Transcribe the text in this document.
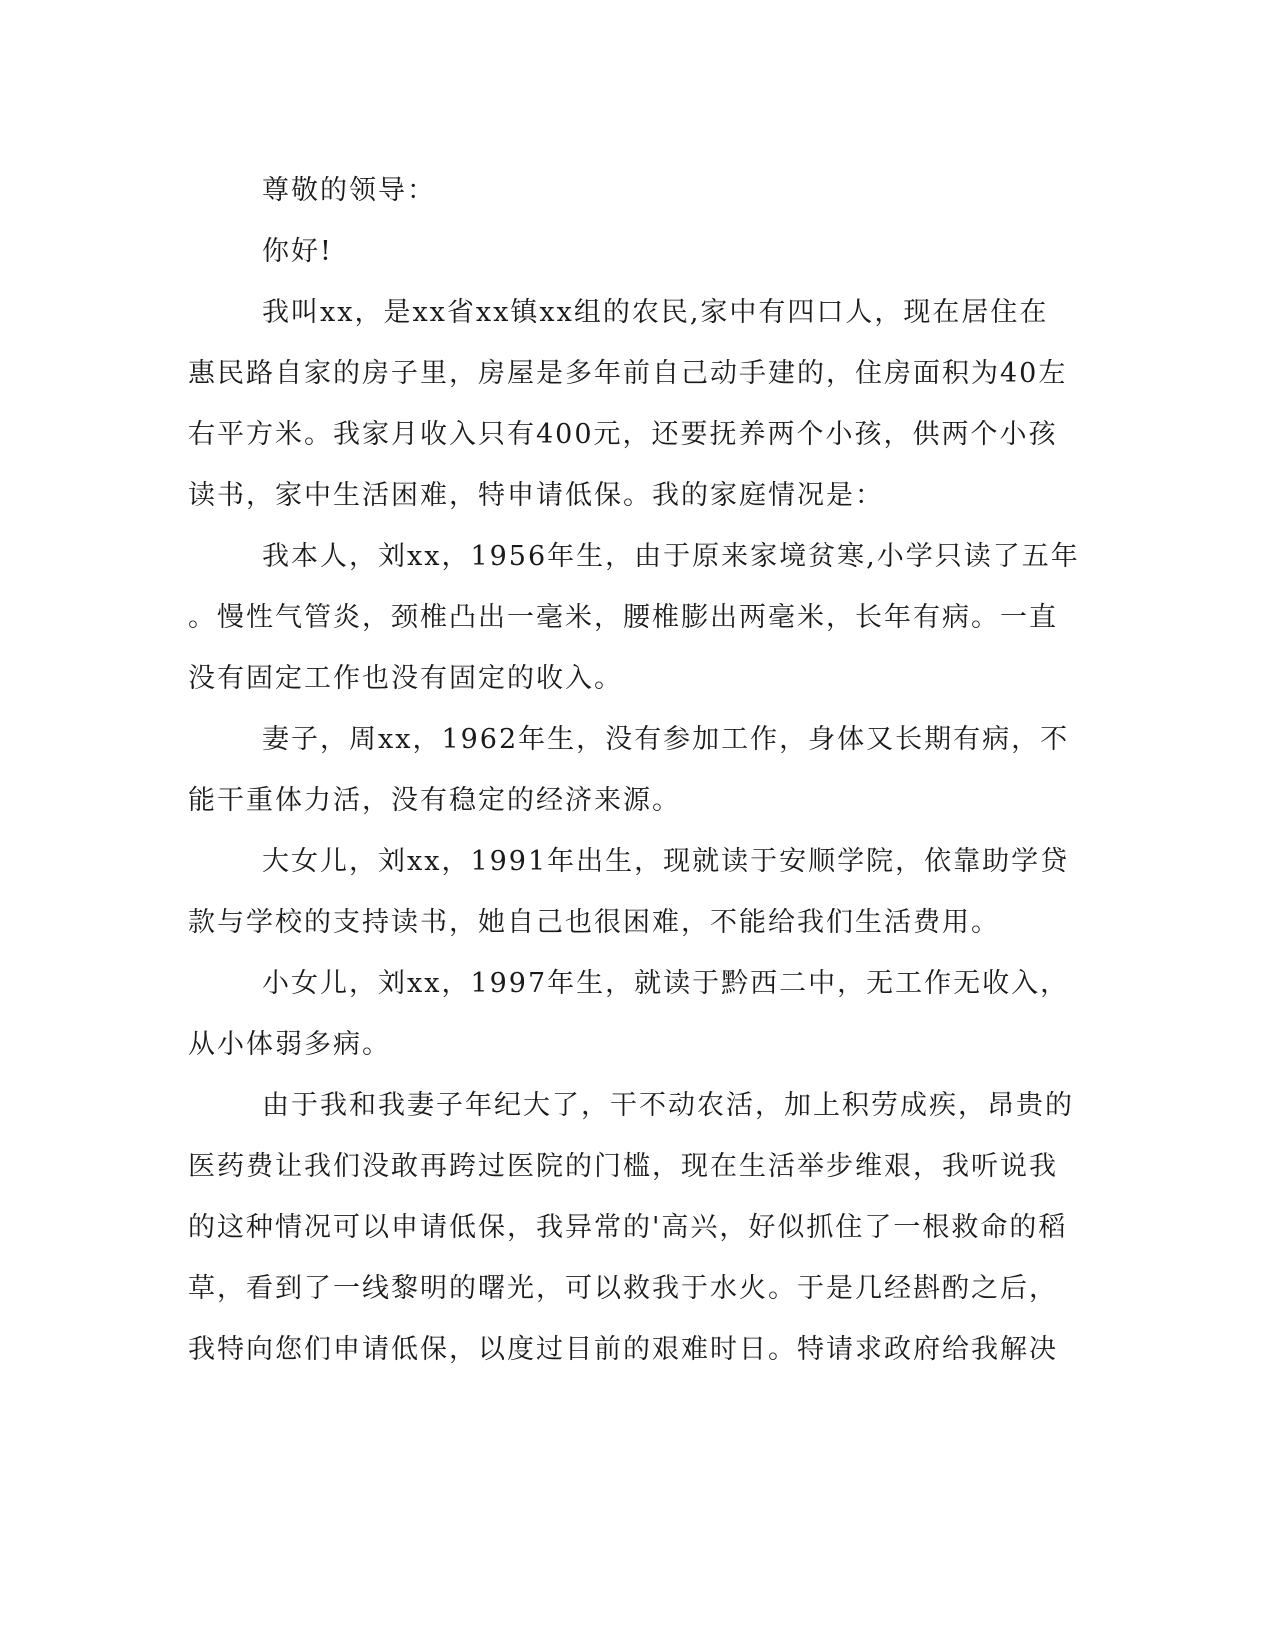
尊敬的领导：
你好!
我叫xx，是xx省xx镇xx组的农民,家中有四口人，现在居住在
惠民路自家的房子里，房屋是多年前自己动手建的，住房面积为40左
右平方米。我家月收入只有400元，还要抚养两个小孩，供两个小孩
读书，家中生活困难，特申请低保。我的家庭情况是：
我本人，刘xx，1956年生，由于原来家境贫寒,小学只读了五年
。慢性气管炎，颈椎凸出一毫米，腰椎膨出两毫米，长年有病。一直
没有固定工作也没有固定的收入。
妻子，周xx，1962年生，没有参加工作，身体又长期有病，不
能干重体力活，没有稳定的经济来源。
大女儿，刘xx，1991年出生，现就读于安顺学院，依靠助学贷
款与学校的支持读书，她自己也很困难，不能给我们生活费用。
小女儿，刘xx，1997年生，就读于黔西二中，无工作无收入，
从小体弱多病。
由于我和我妻子年纪大了，干不动农活，加上积劳成疾，昂贵的
医药费让我们没敢再跨过医院的门槛，现在生活举步维艰，我听说我
的这种情况可以申请低保，我异常的'高兴，好似抓住了一根救命的稻
草，看到了一线黎明的曙光，可以救我于水火。于是几经斟酌之后，
我特向您们申请低保，以度过目前的艰难时日。特请求政府给我解决
